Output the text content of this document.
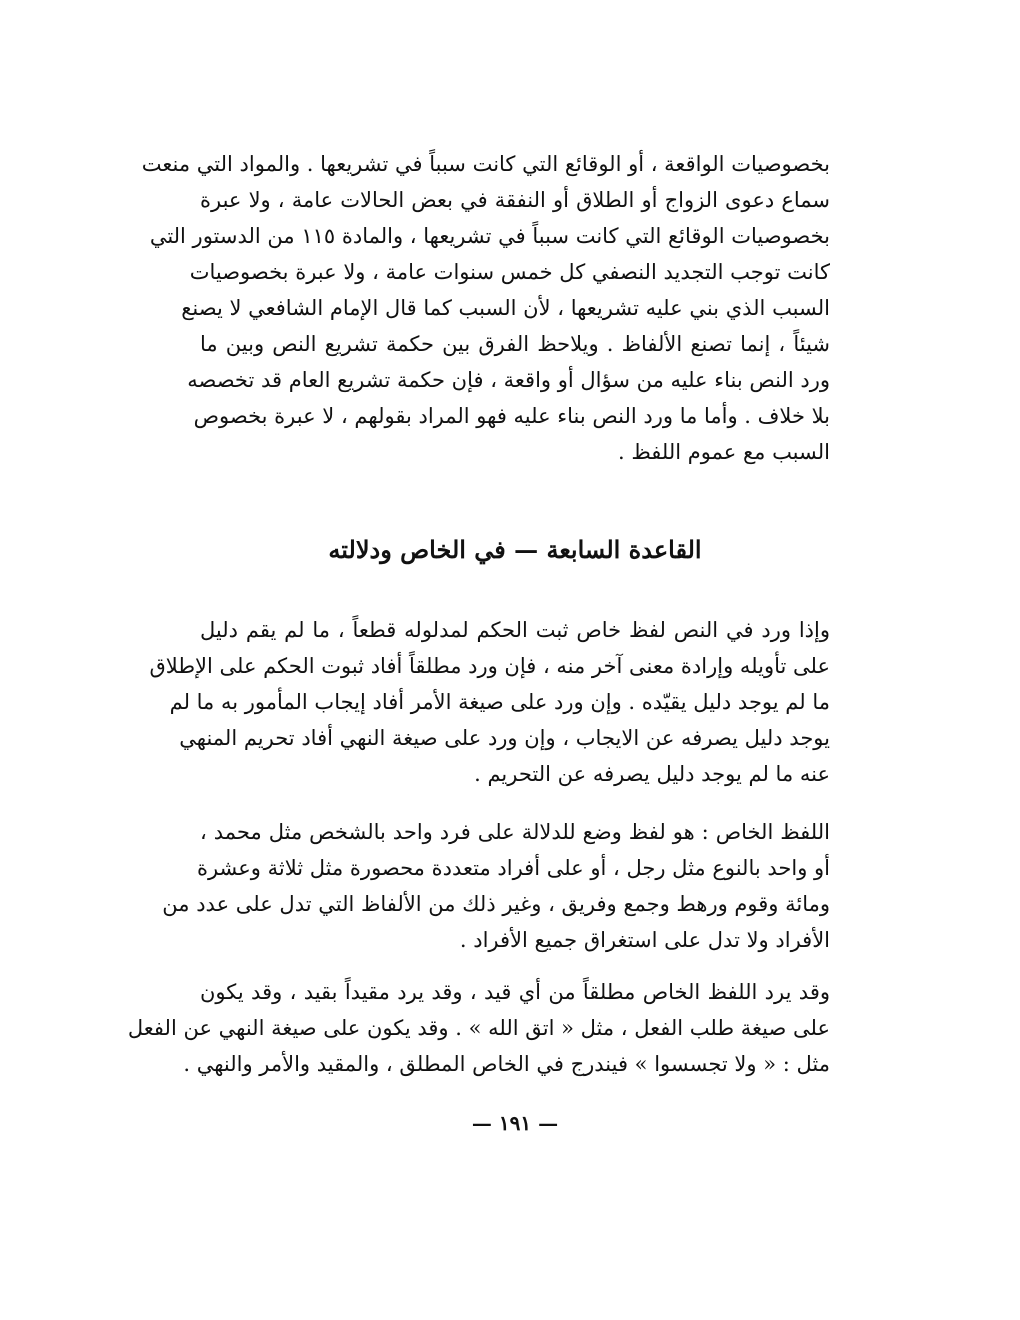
بخصوصيات الواقعة ، أو الوقائع التي كانت سبباً في تشريعها . والمواد التي منعت
سماع دعوى الزواج أو الطلاق أو النفقة في بعض الحالات عامة ، ولا عبرة
بخصوصيات الوقائع التي كانت سبباً في تشريعها ، والمادة ١١٥ من الدستور التي
كانت توجب التجديد النصفي كل خمس سنوات عامة ، ولا عبرة بخصوصيات
السبب الذي بني عليه تشريعها ، لأن السبب كما قال الإمام الشافعي لا يصنع
شيئاً ، إنما تصنع الألفاظ . ويلاحظ الفرق بين حكمة تشريع النص وبين ما
ورد النص بناء عليه من سؤال أو واقعة ، فإن حكمة تشريع العام قد تخصصه
بلا خلاف . وأما ما ورد النص بناء عليه فهو المراد بقولهم ، لا عبرة بخصوص
السبب مع عموم اللفظ .
القاعدة السابعة — في الخاص ودلالته
وإذا ورد في النص لفظ خاص ثبت الحكم لمدلوله قطعاً ، ما لم يقم دليل
على تأويله وإرادة معنى آخر منه ، فإن ورد مطلقاً أفاد ثبوت الحكم على الإطلاق
ما لم يوجد دليل يقيّده . وإن ورد على صيغة الأمر أفاد إيجاب المأمور به ما لم
يوجد دليل يصرفه عن الايجاب ، وإن ورد على صيغة النهي أفاد تحريم المنهي
عنه ما لم يوجد دليل يصرفه عن التحريم .
اللفظ الخاص : هو لفظ وضع للدلالة على فرد واحد بالشخص مثل محمد ،
أو واحد بالنوع مثل رجل ، أو على أفراد متعددة محصورة مثل ثلاثة وعشرة
ومائة وقوم ورهط وجمع وفريق ، وغير ذلك من الألفاظ التي تدل على عدد من
الأفراد ولا تدل على استغراق جميع الأفراد .
وقد يرد اللفظ الخاص مطلقاً من أي قيد ، وقد يرد مقيداً بقيد ، وقد يكون
على صيغة طلب الفعل ، مثل « اتق الله » . وقد يكون على صيغة النهي عن الفعل
مثل : « ولا تجسسوا » فيندرج في الخاص المطلق ، والمقيد والأمر والنهي .
— ١٩١ —
